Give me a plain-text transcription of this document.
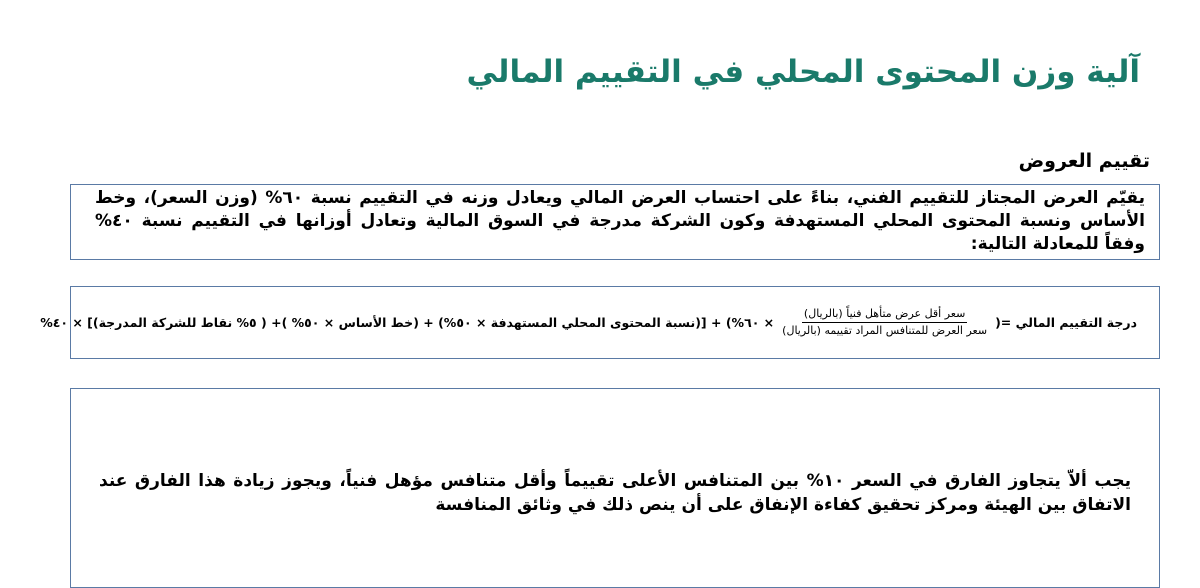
آلية وزن المحتوى المحلي في التقييم المالي
تقييم العروض

يقيّم العرض المجتاز للتقييم الفني، بناءً على احتساب العرض المالي ويعادل وزنه في التقييم نسبة ٦٠% (وزن السعر)، وخط الأساس ونسبة المحتوى المحلي المستهدفة وكون الشركة مدرجة في السوق المالية وتعادل أوزانها في التقييم نسبة ٤٠% وفقاً للمعادلة التالية:

درجة التقييم المالي =(
$\frac{\text{سعر أقل عرض متأهل فنياً (بالريال)}}{\text{سعر العرض للمتنافس المراد تقييمه (بالريال)}}$
× ٦٠%) + [(نسبة المحتوى المحلي المستهدفة × ٥٠%) + (خط الأساس × ٥٠% )+ ( ٥% نقاط للشركة المدرجة)] × ٤٠%

يجب ألاّ يتجاوز الفارق في السعر ١٠% بين المتنافس الأعلى تقييماً وأقل متنافس مؤهل فنياً، ويجوز زيادة هذا الفارق عند الاتفاق بين الهيئة ومركز تحقيق كفاءة الإنفاق على أن ينص ذلك في وثائق المنافسة
